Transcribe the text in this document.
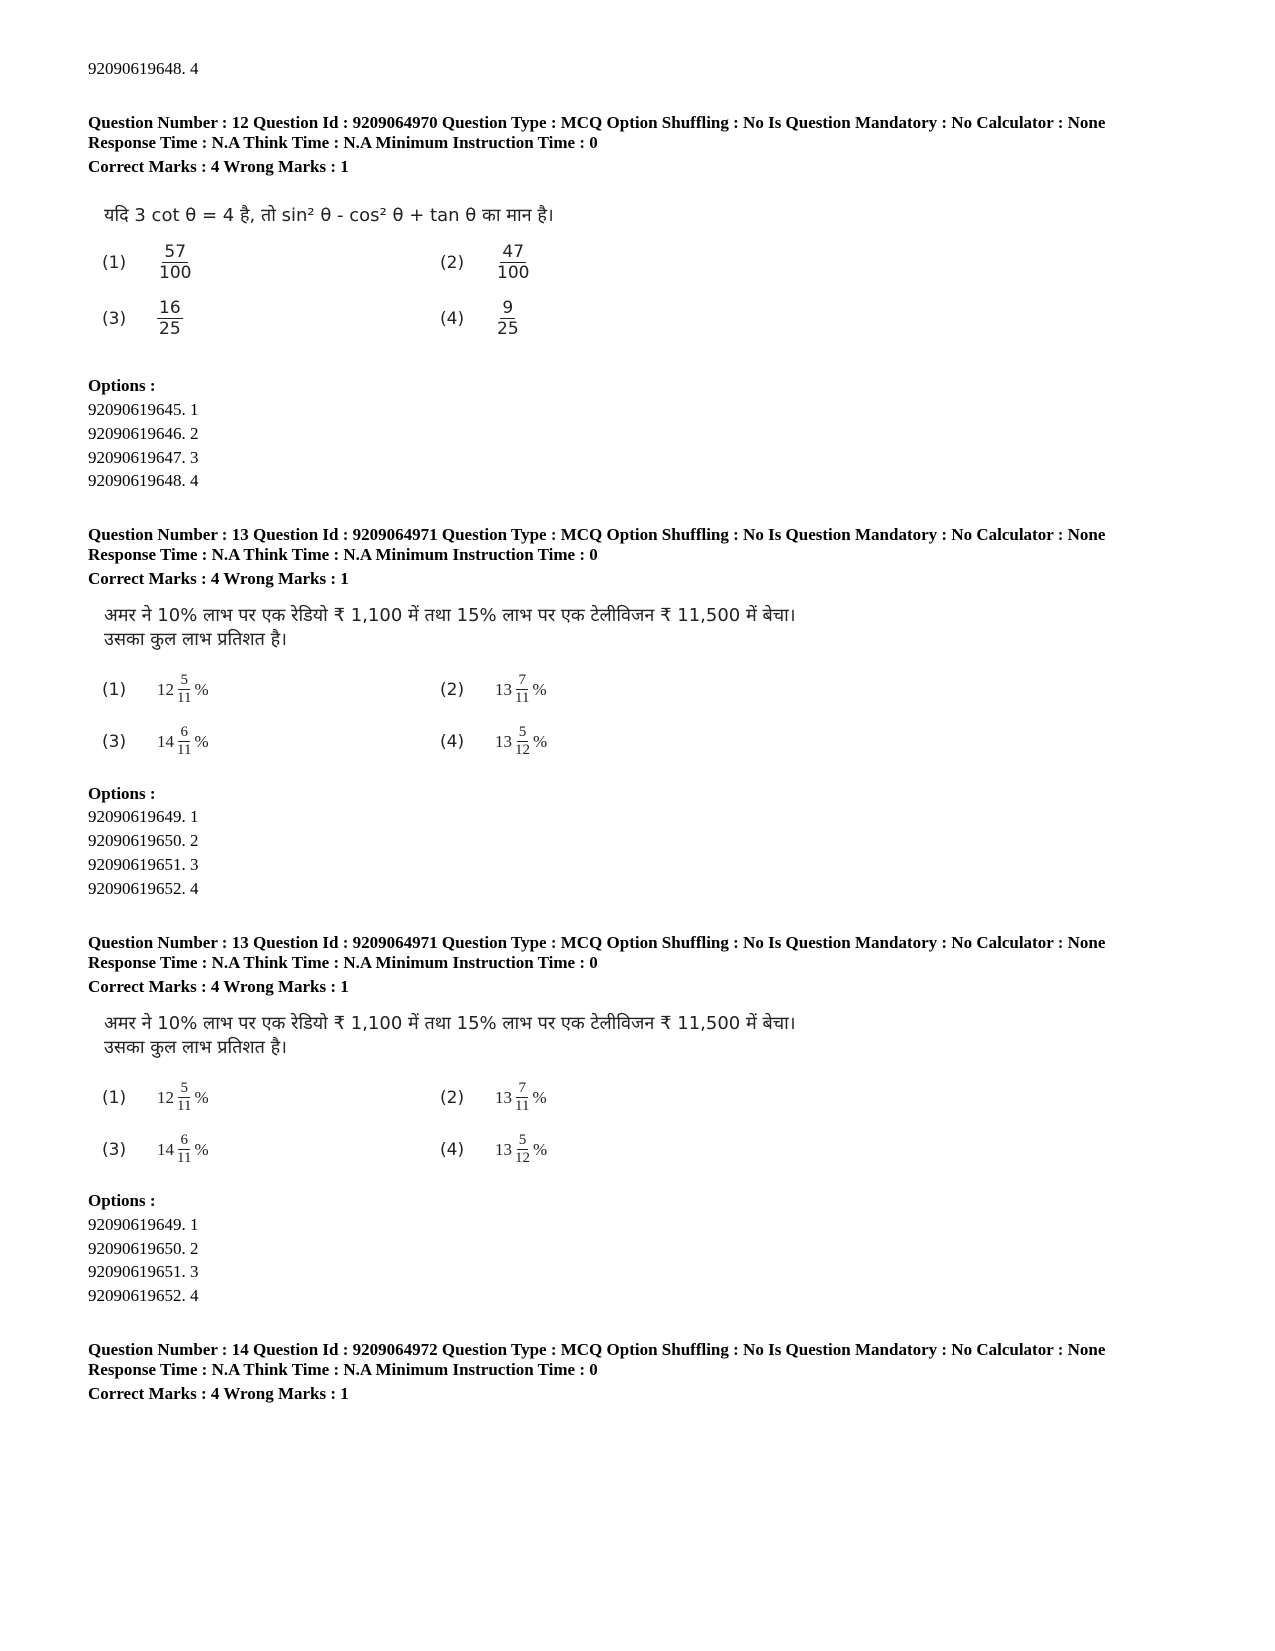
92090619648. 4
Question Number : 12 Question Id : 9209064970 Question Type : MCQ Option Shuffling : No Is Question Mandatory : No Calculator : None
Response Time : N.A Think Time : N.A Minimum Instruction Time : 0
Correct Marks : 4 Wrong Marks : 1
यदि 3 cot θ = 4 है, तो sin² θ - cos² θ + tan θ का मान है।
(1)	$\frac{57}{100}$	(2)	$\frac{47}{100}$
(3)	$\frac{16}{25}$	(4)	$\frac{9}{25}$
Options :
92090619645. 1
92090619646. 2
92090619647. 3
92090619648. 4
Question Number : 13 Question Id : 9209064971 Question Type : MCQ Option Shuffling : No Is Question Mandatory : No Calculator : None
Response Time : N.A Think Time : N.A Minimum Instruction Time : 0
Correct Marks : 4 Wrong Marks : 1
अमर ने 10% लाभ पर एक रेडियो ₹ 1,100 में तथा 15% लाभ पर एक टेलीविजन ₹ 11,500 में बेचा।
उसका कुल लाभ प्रतिशत है।
(1)	$12 \frac{5}{11}$ %	(2)	$13 \frac{7}{11}$ %
(3)	$14 \frac{6}{11}$ %	(4)	$13 \frac{5}{12}$ %
Options :
92090619649. 1
92090619650. 2
92090619651. 3
92090619652. 4
Question Number : 13 Question Id : 9209064971 Question Type : MCQ Option Shuffling : No Is Question Mandatory : No Calculator : None
Response Time : N.A Think Time : N.A Minimum Instruction Time : 0
Correct Marks : 4 Wrong Marks : 1
अमर ने 10% लाभ पर एक रेडियो ₹ 1,100 में तथा 15% लाभ पर एक टेलीविजन ₹ 11,500 में बेचा।
उसका कुल लाभ प्रतिशत है।
(1)	$12 \frac{5}{11}$ %	(2)	$13 \frac{7}{11}$ %
(3)	$14 \frac{6}{11}$ %	(4)	$13 \frac{5}{12}$ %
Options :
92090619649. 1
92090619650. 2
92090619651. 3
92090619652. 4
Question Number : 14 Question Id : 9209064972 Question Type : MCQ Option Shuffling : No Is Question Mandatory : No Calculator : None
Response Time : N.A Think Time : N.A Minimum Instruction Time : 0
Correct Marks : 4 Wrong Marks : 1
